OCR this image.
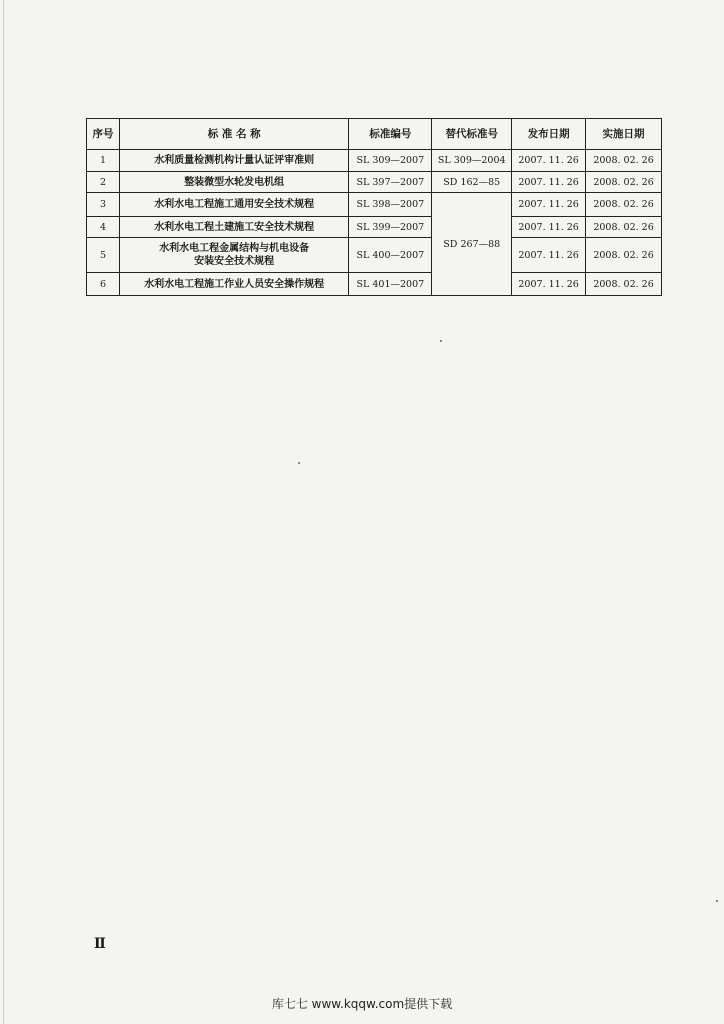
序号	标 准 名 称	标准编号	替代标准号	发布日期	实施日期
1	水利质量检测机构计量认证评审准则	SL 309—2007	SL 309—2004	2007. 11. 26	2008. 02. 26
2	整装微型水轮发电机组	SL 397—2007	SD 162—85	2007. 11. 26	2008. 02. 26
3	水利水电工程施工通用安全技术规程	SL 398—2007	SD 267—88	2007. 11. 26	2008. 02. 26
4	水利水电工程土建施工安全技术规程	SL 399—2007		2007. 11. 26	2008. 02. 26
5	水利水电工程金属结构与机电设备
安装安全技术规程	SL 400—2007		2007. 11. 26	2008. 02. 26
6	水利水电工程施工作业人员安全操作规程	SL 401—2007		2007. 11. 26	2008. 02. 26
Ⅱ
库七七 www.kqqw.com提供下载
